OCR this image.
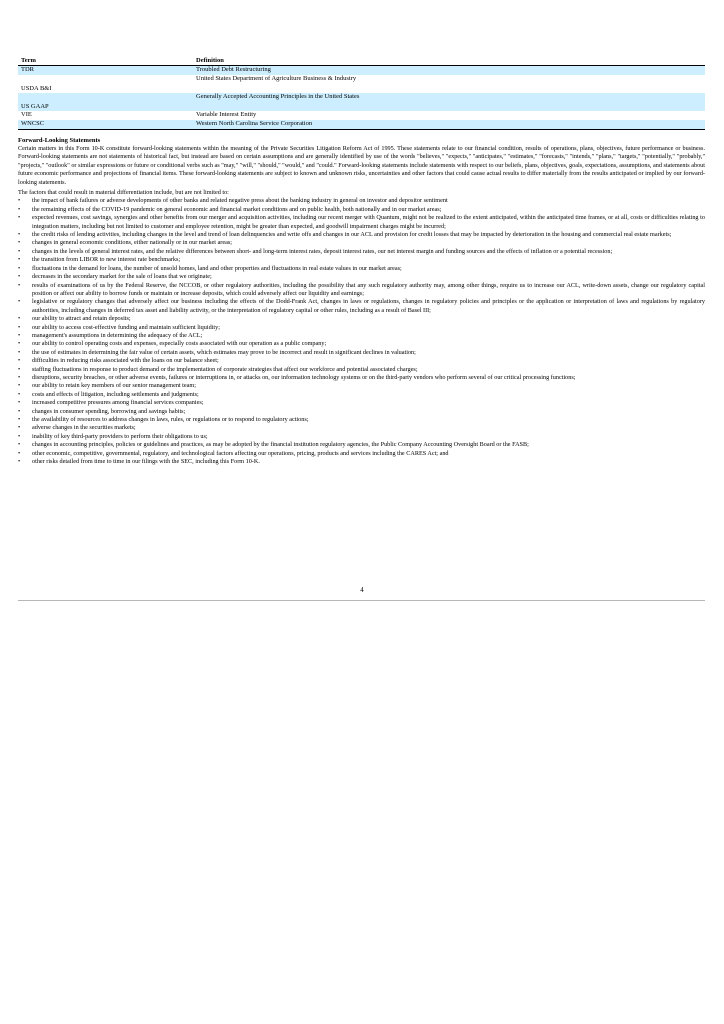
Term	Definition
TDR	Troubled Debt Restructuring
USDA B&I	United States Department of Agriculture Business & Industry
US GAAP	Generally Accepted Accounting Principles in the United States
VIE	Variable Interest Entity
WNCSC	Western North Carolina Service Corporation
Forward-Looking Statements

Certain matters in this Form 10-K constitute forward-looking statements within the meaning of the Private Securities Litigation Reform Act of 1995. These statements relate to our financial condition, results of operations, plans, objectives, future performance or business. Forward-looking statements are not statements of historical fact, but instead are based on certain assumptions and are generally identified by use of the words "believes," "expects," "anticipates," "estimates," "forecasts," "intends," "plans," "targets," "potentially," "probably," "projects," "outlook" or similar expressions or future or conditional verbs such as "may," "will," "should," "would," and "could." Forward-looking statements include statements with respect to our beliefs, plans, objectives, goals, expectations, assumptions, and statements about future economic performance and projections of financial items. These forward-looking statements are subject to known and unknown risks, uncertainties and other factors that could cause actual results to differ materially from the results anticipated or implied by our forward-looking statements.

The factors that could result in material differentiation include, but are not limited to:
•	the impact of bank failures or adverse developments of other banks and related negative press about the banking industry in general on investor and depositor sentiment
•	the remaining effects of the COVID-19 pandemic on general economic and financial market conditions and on public health, both nationally and in our market areas;
•	expected revenues, cost savings, synergies and other benefits from our merger and acquisition activities, including our recent merger with Quantum, might not be realized to the extent anticipated, within the anticipated time frames, or at all, costs or difficulties relating to integration matters, including but not limited to customer and employee retention, might be greater than expected, and goodwill impairment charges might be incurred;
•	the credit risks of lending activities, including changes in the level and trend of loan delinquencies and write offs and changes in our ACL and provision for credit losses that may be impacted by deterioration in the housing and commercial real estate markets;
•	changes in general economic conditions, either nationally or in our market areas;
•	changes in the levels of general interest rates, and the relative differences between short- and long-term interest rates, deposit interest rates, our net interest margin and funding sources and the effects of inflation or a potential recession;
•	the transition from LIBOR to new interest rate benchmarks;
•	fluctuations in the demand for loans, the number of unsold homes, land and other properties and fluctuations in real estate values in our market areas;
•	decreases in the secondary market for the sale of loans that we originate;
•	results of examinations of us by the Federal Reserve, the NCCOB, or other regulatory authorities, including the possibility that any such regulatory authority may, among other things, require us to increase our ACL, write-down assets, change our regulatory capital position or affect our ability to borrow funds or maintain or increase deposits, which could adversely affect our liquidity and earnings;
•	legislative or regulatory changes that adversely affect our business including the effects of the Dodd-Frank Act, changes in laws or regulations, changes in regulatory policies and principles or the application or interpretation of laws and regulations by regulatory authorities, including changes in deferred tax asset and liability activity, or the interpretation of regulatory capital or other rules, including as a result of Basel III;
•	our ability to attract and retain deposits;
•	our ability to access cost-effective funding and maintain sufficient liquidity;
•	management's assumptions in determining the adequacy of the ACL;
•	our ability to control operating costs and expenses, especially costs associated with our operation as a public company;
•	the use of estimates in determining the fair value of certain assets, which estimates may prove to be incorrect and result in significant declines in valuation;
•	difficulties in reducing risks associated with the loans on our balance sheet;
•	staffing fluctuations in response to product demand or the implementation of corporate strategies that affect our workforce and potential associated charges;
•	disruptions, security breaches, or other adverse events, failures or interruptions in, or attacks on, our information technology systems or on the third-party vendors who perform several of our critical processing functions;
•	our ability to retain key members of our senior management team;
•	costs and effects of litigation, including settlements and judgments;
•	increased competitive pressures among financial services companies;
•	changes in consumer spending, borrowing and savings habits;
•	the availability of resources to address changes in laws, rules, or regulations or to respond to regulatory actions;
•	adverse changes in the securities markets;
•	inability of key third-party providers to perform their obligations to us;
•	changes in accounting principles, policies or guidelines and practices, as may be adopted by the financial institution regulatory agencies, the Public Company Accounting Oversight Board or the FASB;
•	other economic, competitive, governmental, regulatory, and technological factors affecting our operations, pricing, products and services including the CARES Act; and
•	other risks detailed from time to time in our filings with the SEC, including this Form 10-K.
4
